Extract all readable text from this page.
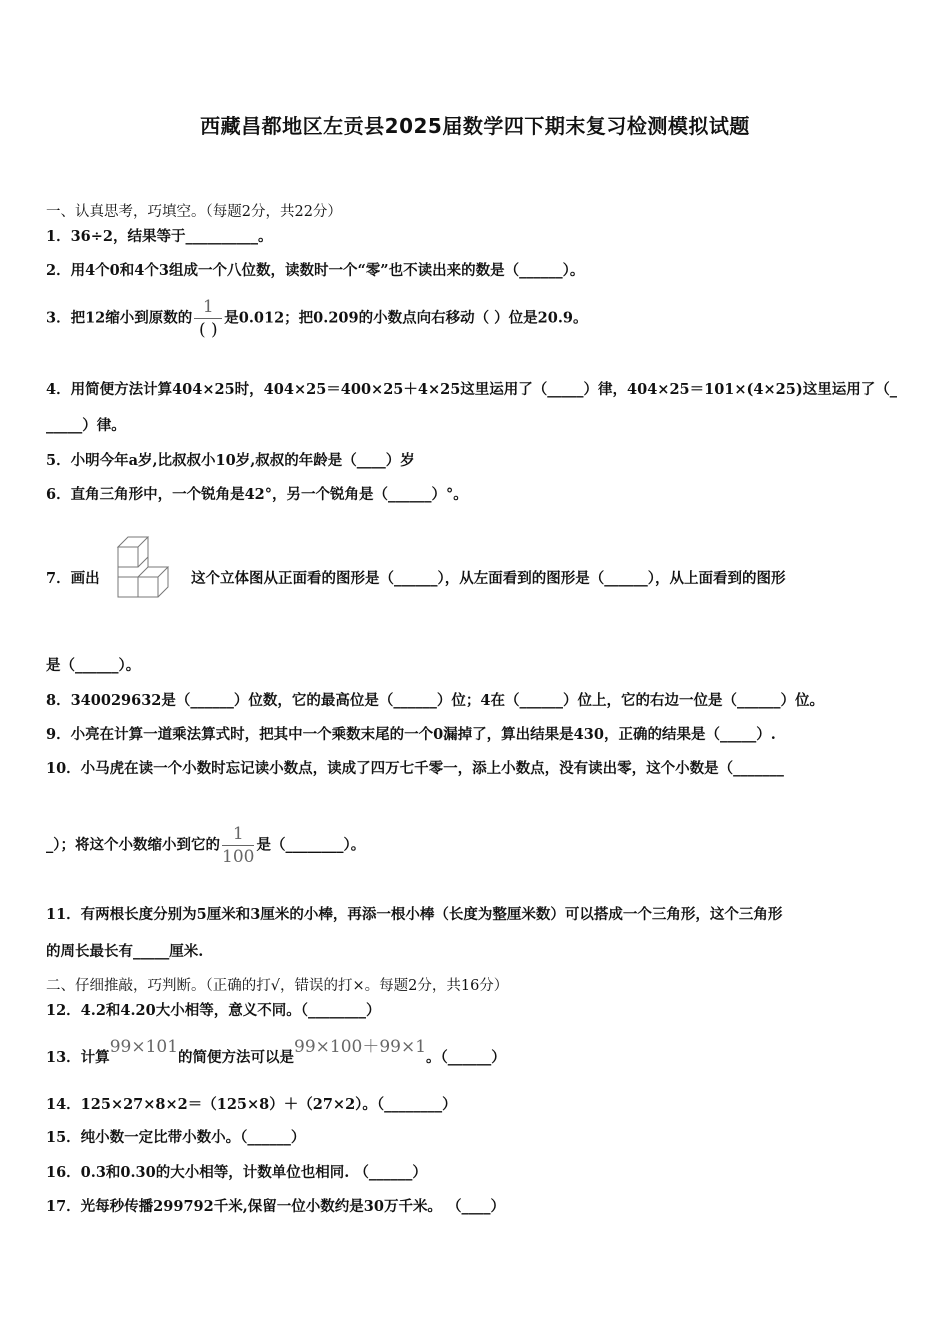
西藏昌都地区左贡县2025届数学四下期末复习检测模拟试题
一、认真思考，巧填空。（每题2分，共22分）
1．36÷2，结果等于__________。
2．用4个0和4个3组成一个八位数，读数时一个“零”也不读出来的数是（______）。
3．把12缩小到原数的 $\frac{1}{( )}$ 是0.012；把0.209的小数点向右移动（ ）位是20.9。
4．用简便方法计算404×25时，404×25＝400×25＋4×25这里运用了（_____）律，404×25＝101×(4×25)这里运用了（_
_____）律。
5．小明今年a岁,比叔叔小10岁,叔叔的年龄是（____）岁
6．直角三角形中，一个锐角是42°，另一个锐角是（______）°。
7．画出	这个立体图从正面看的图形是（______），从左面看到的图形是（______），从上面看到的图形
是（______）。
8．340029632是（______）位数，它的最高位是（______）位；4在（______）位上，它的右边一位是（______）位。
9．小亮在计算一道乘法算式时，把其中一个乘数末尾的一个0漏掉了，算出结果是430，正确的结果是（_____）.
10．小马虎在读一个小数时忘记读小数点，读成了四万七千零一，添上小数点，没有读出零，这个小数是（_______
_）；将这个小数缩小到它的 $\frac{1}{100}$ 是（________）。
11．有两根长度分别为5厘米和3厘米的小棒，再添一根小棒（长度为整厘米数）可以搭成一个三角形，这个三角形
的周长最长有_____厘米.
二、仔细推敲，巧判断。（正确的打√，错误的打×。每题2分，共16分）
12．4.2和4.20大小相等，意义不同。（________）
13．计算99×101的简便方法可以是99×100＋99×1。（______）
14．125×27×8×2＝（125×8）＋（27×2）。（________）
15．纯小数一定比带小数小。（______）
16．0.3和0.30的大小相等，计数单位也相同. （______）
17．光每秒传播299792千米,保留一位小数约是30万千米。 （____）
